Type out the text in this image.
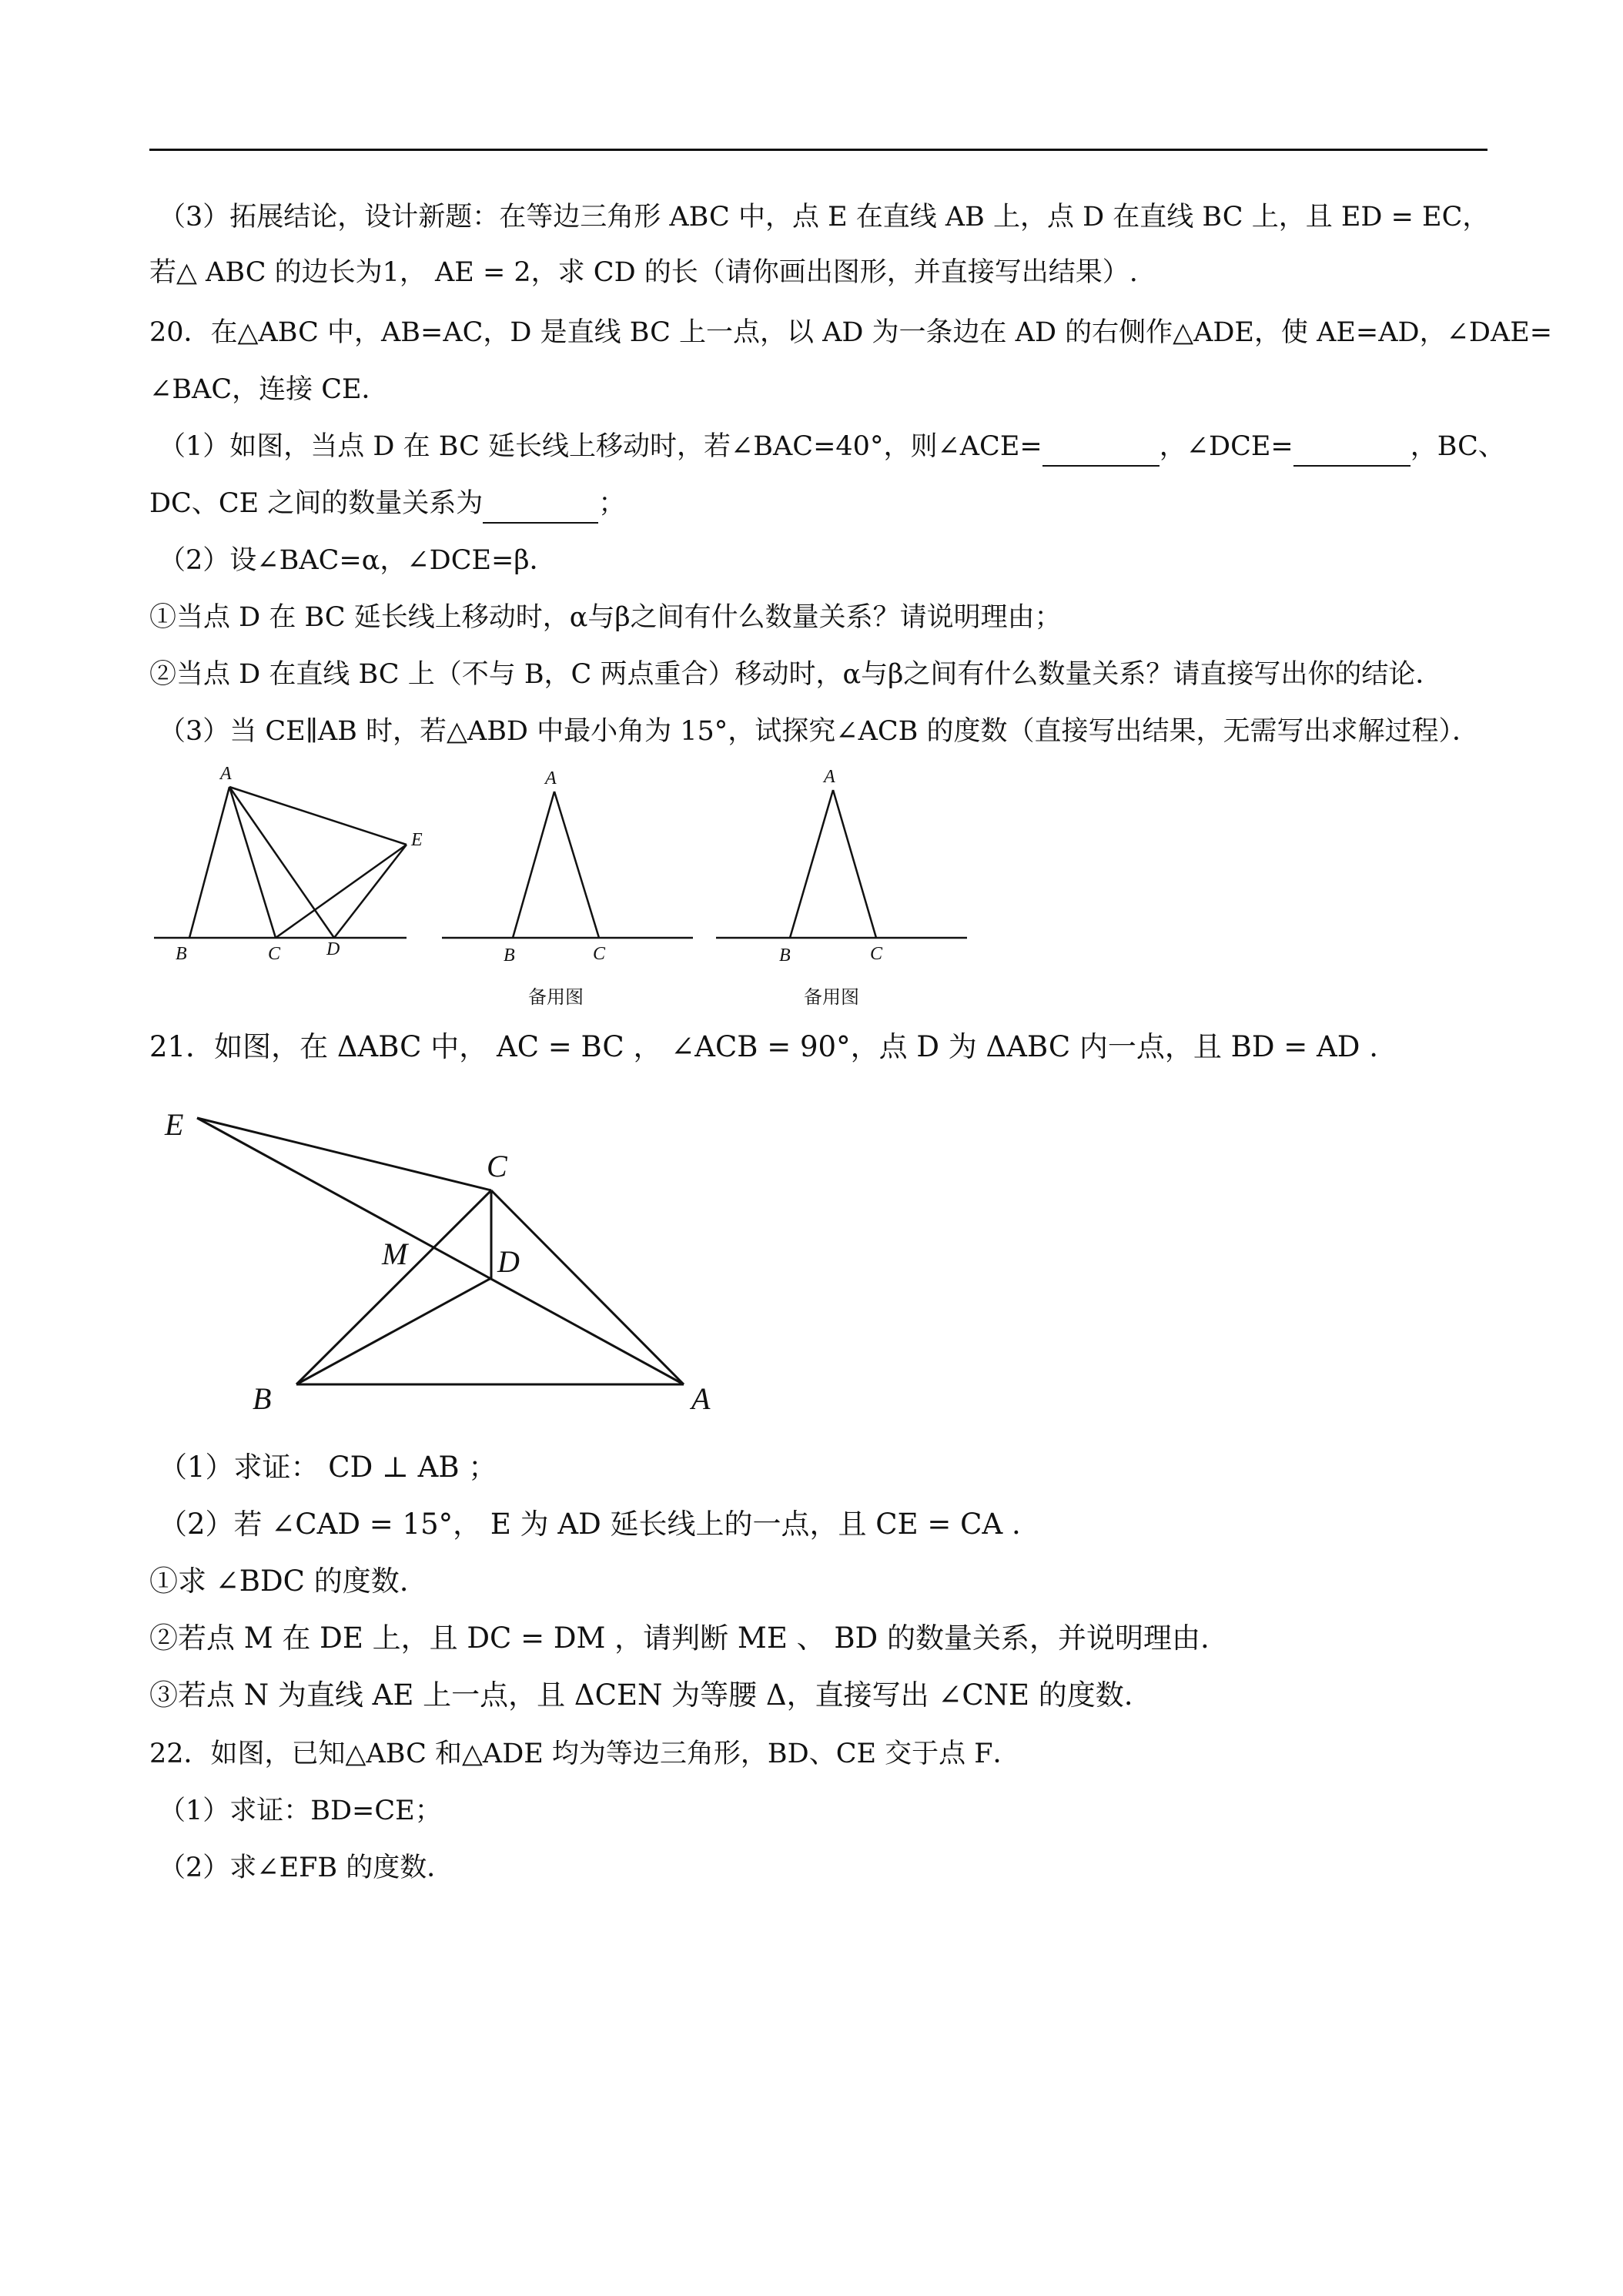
（3）拓展结论，设计新题：在等边三角形 ABC 中，点 E 在直线 AB 上，点 D 在直线 BC 上，且 ED = EC，
若△ ABC 的边长为1， AE = 2，求 CD 的长（请你画出图形，并直接写出结果）.
20．在△ABC 中，AB=AC，D 是直线 BC 上一点，以 AD 为一条边在 AD 的右侧作△ADE，使 AE=AD，∠DAE=
∠BAC，连接 CE．
（1）如图，当点 D 在 BC 延长线上移动时，若∠BAC=40°，则∠ACE=	，∠DCE=	，BC、
DC、CE 之间的数量关系为	；
（2）设∠BAC=α，∠DCE=β．
①当点 D 在 BC 延长线上移动时，α与β之间有什么数量关系？请说明理由；
②当点 D 在直线 BC 上（不与 B，C 两点重合）移动时，α与β之间有什么数量关系？请直接写出你的结论．
（3）当 CE∥AB 时，若△ABD 中最小角为 15°，试探究∠ACB 的度数（直接写出结果，无需写出求解过程）．
A
B	C D
E
A
B	C
备用图
A
B	C
备用图
21．如图，在 ΔABC 中， AC = BC ， ∠ACB = 90°，点 D 为 ΔABC 内一点，且 BD = AD .
E
C
M	D
B	A
（1）求证： CD ⊥ AB ；
（2）若 ∠CAD = 15°， E 为 AD 延长线上的一点，且 CE = CA .
①求 ∠BDC 的度数.
②若点 M 在 DE 上，且 DC = DM ，请判断 ME 、 BD 的数量关系，并说明理由.
③若点 N 为直线 AE 上一点，且 ΔCEN 为等腰 Δ，直接写出 ∠CNE 的度数.
22．如图，已知△ABC 和△ADE 均为等边三角形，BD、CE 交于点 F．
（1）求证：BD=CE；
（2）求∠EFB 的度数．
